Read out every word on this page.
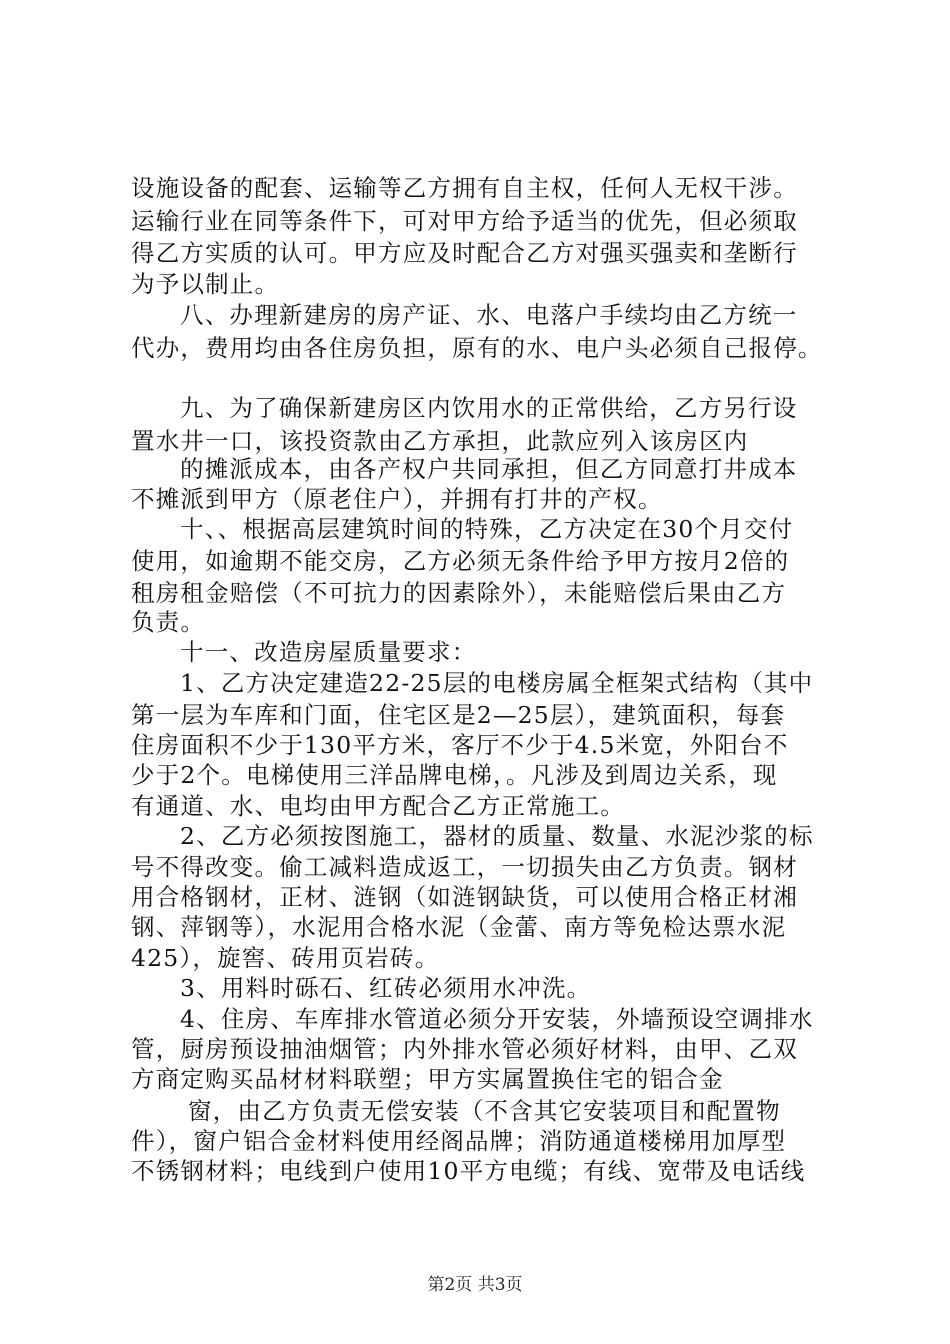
设施设备的配套、运输等乙方拥有自主权，任何人无权干涉。
运输行业在同等条件下，可对甲方给予适当的优先，但必须取
得乙方实质的认可。甲方应及时配合乙方对强买强卖和垄断行
为予以制止。
八、办理新建房的房产证、水、电落户手续均由乙方统一
代办，费用均由各住房负担，原有的水、电户头必须自己报停。
九、为了确保新建房区内饮用水的正常供给，乙方另行设
置水井一口，该投资款由乙方承担，此款应列入该房区内
的摊派成本，由各产权户共同承担，但乙方同意打井成本
不摊派到甲方（原老住户），并拥有打井的产权。
十、、根据高层建筑时间的特殊，乙方决定在30个月交付
使用，如逾期不能交房，乙方必须无条件给予甲方按月2倍的
租房租金赔偿（不可抗力的因素除外），未能赔偿后果由乙方
负责。
十一、改造房屋质量要求：
1、乙方决定建造22-25层的电楼房属全框架式结构（其中
第一层为车库和门面，住宅区是2—25层），建筑面积，每套
住房面积不少于130平方米，客厅不少于4.5米宽，外阳台不
少于2个。电梯使用三洋品牌电梯，。凡涉及到周边关系，现
有通道、水、电均由甲方配合乙方正常施工。
2、乙方必须按图施工，器材的质量、数量、水泥沙浆的标
号不得改变。偷工减料造成返工，一切损失由乙方负责。钢材
用合格钢材，正材、涟钢（如涟钢缺货，可以使用合格正材湘
钢、萍钢等），水泥用合格水泥（金蕾、南方等免检达票水泥
425），旋窖、砖用页岩砖。
3、用料时砾石、红砖必须用水冲洗。
4、住房、车库排水管道必须分开安装，外墙预设空调排水
管，厨房预设抽油烟管；内外排水管必须好材料，由甲、乙双
方商定购买品材材料联塑；甲方实属置换住宅的铝合金
窗，由乙方负责无偿安装（不含其它安装项目和配置物
件），窗户铝合金材料使用经阁品牌；消防通道楼梯用加厚型
不锈钢材料；电线到户使用10平方电缆；有线、宽带及电话线
第2页 共3页
